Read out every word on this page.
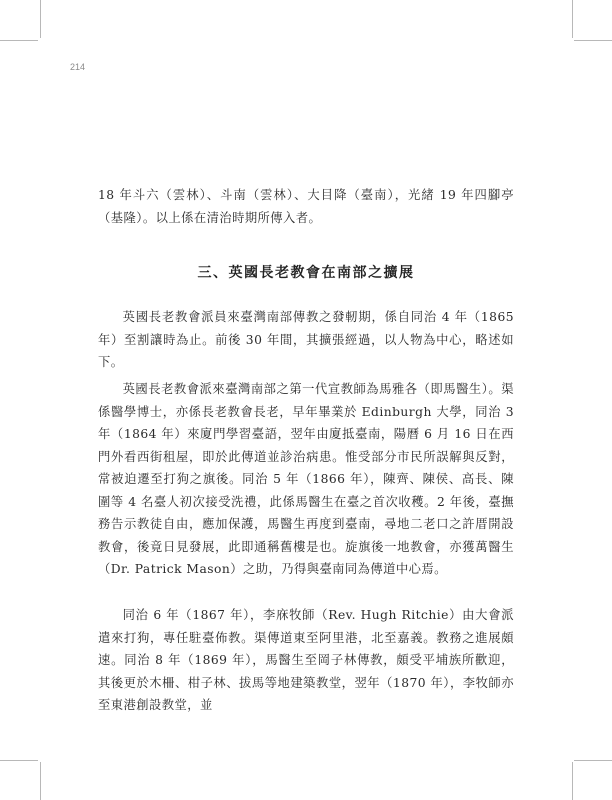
214

18 年斗六（雲林）、斗南（雲林）、大目降（臺南），光緒 19 年四腳亭（基隆）。以上係在清治時期所傳入者。

三、英國長老教會在南部之擴展

英國長老教會派員來臺灣南部傳教之發軔期，係自同治 4 年（1865 年）至割讓時為止。前後 30 年間，其擴張經過，以人物為中心，略述如下。

英國長老教會派來臺灣南部之第一代宣教師為馬雅各（即馬醫生）。渠係醫學博士，亦係長老教會長老，早年畢業於 Edinburgh 大學，同治 3 年（1864 年）來廈門學習臺語，翌年由廈抵臺南，陽曆 6 月 16 日在西門外看西街租屋，即於此傳道並診治病患。惟受部分市民所誤解與反對，常被迫遷至打狗之旗後。同治 5 年（1866 年），陳齊、陳侯、高長、陳圍等 4 名臺人初次接受洗禮，此係馬醫生在臺之首次收穫。2 年後，臺撫務告示教徒自由，應加保護，馬醫生再度到臺南，尋地二老口之許厝開設教會，後竟日見發展，此即通稱舊樓是也。旋旗後一地教會，亦獲萬醫生（Dr. Patrick Mason）之助，乃得與臺南同為傳道中心焉。

同治 6 年（1867 年），李庥牧師（Rev. Hugh Ritchie）由大會派遣來打狗，專任駐臺佈教。渠傳道東至阿里港，北至嘉義。教務之進展頗速。同治 8 年（1869 年），馬醫生至岡子林傳教，頗受平埔族所歡迎，其後更於木柵、柑子林、拔馬等地建築教堂，翌年（1870 年），李牧師亦至東港創設教堂，並
